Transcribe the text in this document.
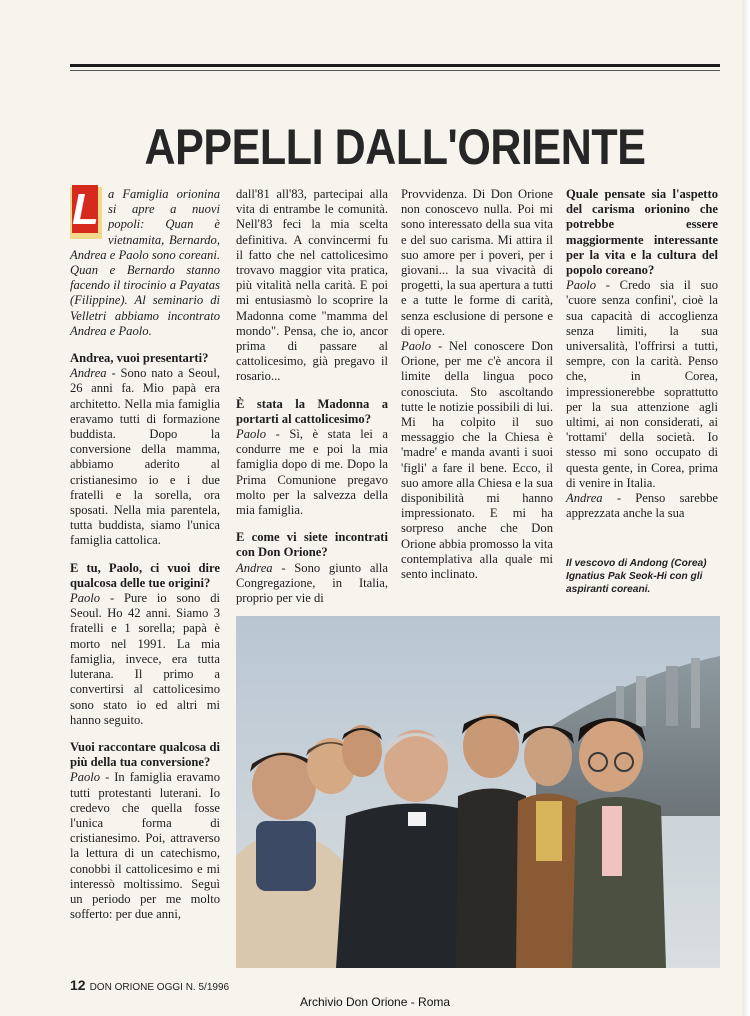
APPELLI DALL'ORIENTE

L a Famiglia orionina si apre a nuovi popoli: Quan è vietnamita, Bernardo, Andrea e Paolo sono coreani. Quan e Bernardo stanno facendo il tirocinio a Payatas (Filippine). Al seminario di Velletri abbiamo incontrato Andrea e Paolo.

Andrea, vuoi presentarti?

Andrea - Sono nato a Seoul, 26 anni fa. Mio papà era architetto. Nella mia famiglia eravamo tutti di formazione buddista. Dopo la conversione della mamma, abbiamo aderito al cristianesimo io e i due fratelli e la sorella, ora sposati. Nella mia parentela, tutta buddista, siamo l'unica famiglia cattolica.

E tu, Paolo, ci vuoi dire qualcosa delle tue origini?

Paolo - Pure io sono di Seoul. Ho 42 anni. Siamo 3 fratelli e 1 sorella; papà è morto nel 1991. La mia famiglia, invece, era tutta luterana. Il primo a convertirsi al cattolicesimo sono stato io ed altri mi hanno seguito.

Vuoi raccontare qualcosa di più della tua conversione?

Paolo - In famiglia eravamo tutti protestanti luterani. Io credevo che quella fosse l'unica forma di cristianesimo. Poi, attraverso la lettura di un catechismo, conobbi il cattolicesimo e mi interessò moltissimo. Seguì un periodo per me molto sofferto: per due anni,

dall'81 all'83, partecipai alla vita di entrambe le comunità. Nell'83 feci la mia scelta definitiva. A convincermi fu il fatto che nel cattolicesimo trovavo maggior vita pratica, più vitalità nella carità. E poi mi entusiasmò lo scoprire la Madonna come "mamma del mondo". Pensa, che io, ancor prima di passare al cattolicesimo, già pregavo il rosario...

È stata la Madonna a portarti al cattolicesimo?

Paolo - Sì, è stata lei a condurre me e poi la mia famiglia dopo di me. Dopo la Prima Comunione pregavo molto per la salvezza della mia famiglia.

E come vi siete incontrati con Don Orione?

Andrea - Sono giunto alla Congregazione, in Italia, proprio per vie di

Provvidenza. Di Don Orione non conoscevo nulla. Poi mi sono interessato della sua vita e del suo carisma. Mi attira il suo amore per i poveri, per i giovani... la sua vivacità di progetti, la sua apertura a tutti e a tutte le forme di carità, senza esclusione di persone e di opere.

Paolo - Nel conoscere Don Orione, per me c'è ancora il limite della lingua poco conosciuta. Sto ascoltando tutte le notizie possibili di lui. Mi ha colpito il suo messaggio che la Chiesa è 'madre' e manda avanti i suoi 'figli' a fare il bene. Ecco, il suo amore alla Chiesa e la sua disponibilità mi hanno impressionato. E mi ha sorpreso anche che Don Orione abbia promosso la vita contemplativa alla quale mi sento inclinato.

Quale pensate sia l'aspetto del carisma orionino che potrebbe essere maggiormente interessante per la vita e la cultura del popolo coreano?

Paolo - Credo sia il suo 'cuore senza confini', cioè la sua capacità di accoglienza senza limiti, la sua universalità, l'offrirsi a tutti, sempre, con la carità. Penso che, in Corea, impressionerebbe soprattutto per la sua attenzione agli ultimi, ai non considerati, ai 'rottami' della società. Io stesso mi sono occupato di questa gente, in Corea, prima di venire in Italia.

Andrea - Penso sarebbe apprezzata anche la sua

Il vescovo di Andong (Corea) Ignatius Pak Seok-Hi con gli aspiranti coreani.
12 DON ORIONE OGGI N. 5/1996
Archivio Don Orione - Roma
